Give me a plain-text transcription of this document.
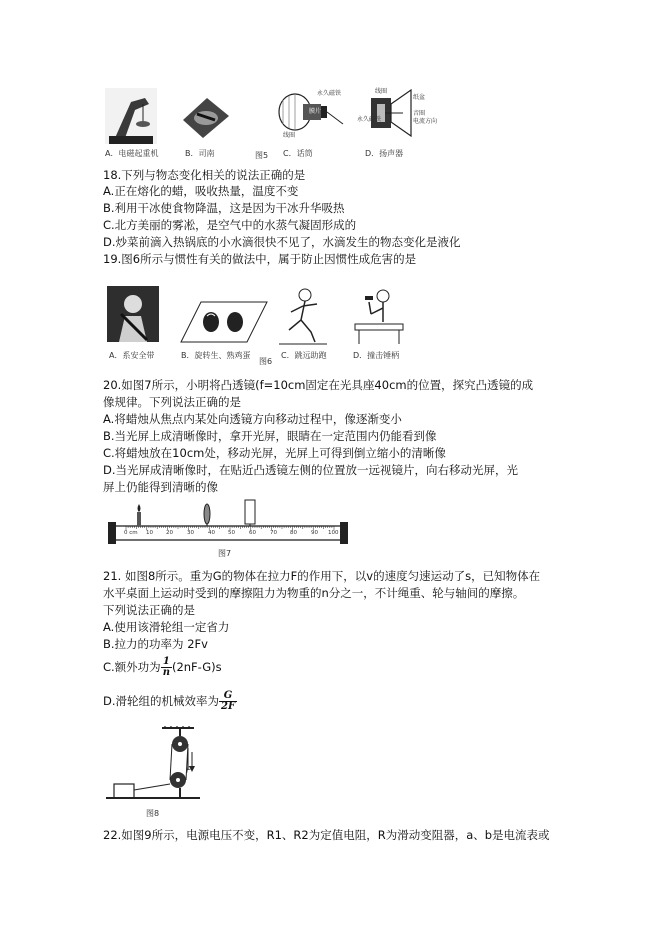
永久磁铁
线圈
膜片
线圈
永久磁铁
纸盆
音圈
电流方向
A．电磁起重机	B．司南	C．话筒	D．扬声器
图5
18.下列与物态变化相关的说法正确的是
A.正在熔化的蜡，吸收热量，温度不变
B.利用干冰使食物降温，这是因为干冰升华吸热
C.北方美丽的雾凇，是空气中的水蒸气凝固形成的
D.炒菜前滴入热锅底的小水滴很快不见了，水滴发生的物态变化是液化
19.图6所示与惯性有关的做法中，属于防止因惯性成危害的是
A．系安全带	B．旋转生、熟鸡蛋
图6
C．跳远助跑	D．撞击锤柄
20.如图7所示，小明将凸透镜(f=10cm固定在光具座40cm的位置，探究凸透镜的成
像规律。下列说法正确的是
A.将蜡烛从焦点内某处向透镜方向移动过程中，像逐渐变小
B.当光屏上成清晰像时，拿开光屏，眼睛在一定范围内仍能看到像
C.将蜡烛放在10cm处，移动光屏，光屏上可得到倒立缩小的清晰像
D.当光屏成清晰像时，在贴近凸透镜左侧的位置放一远视镜片，向右移动光屏，光
屏上仍能得到清晰的像
0 cm 10 20	30	40 50	60	70 80	90 100
图7
21. 如图8所示。重为G的物体在拉力F的作用下，以v的速度匀速运动了s，已知物体在
水平桌面上运动时受到的摩擦阻力为物重的n分之一，不计绳重、轮与轴间的摩擦。
下列说法正确的是
A.使用该滑轮组一定省力
B.拉力的功率为 2Fv
C.额外功为 $\frac{1}{n} (2nF-G)s$
D.滑轮组的机械效率为 $\frac{G}{2F}$
F
图8
22.如图9所示，电源电压不变，R1、R2为定值电阻，R为滑动变阻器，a、b是电流表或
